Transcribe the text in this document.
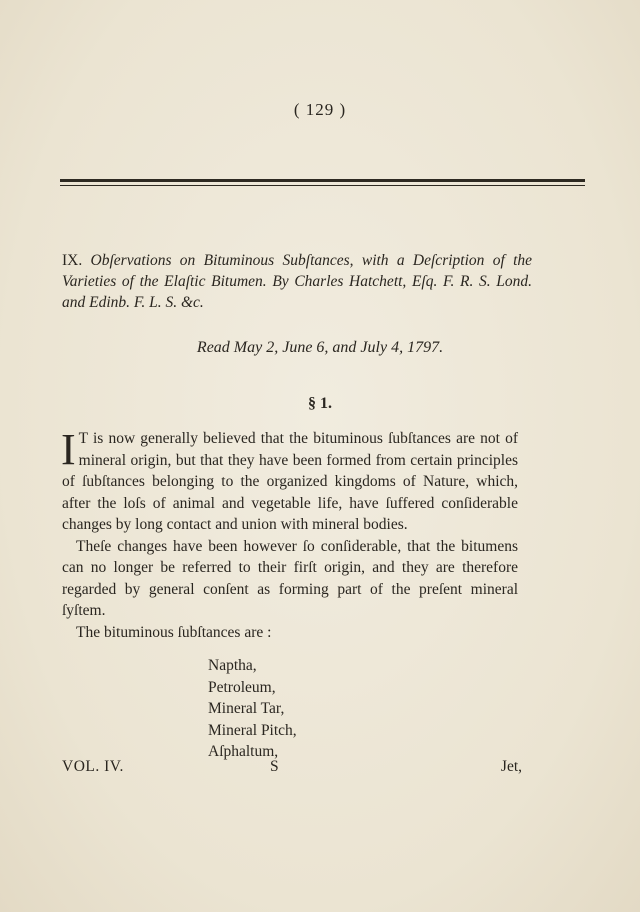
( 129 )
IX. Obſervations on Bituminous Subſtances, with a Deſcription of the Varieties of the Elaſtic Bitumen. By Charles Hatchett, Eſq. F. R. S. Lond. and Edinb. F. L. S. &c.
Read May 2, June 6, and July 4, 1797.
§ 1.

I T is now generally believed that the bituminous ſubſtances are not of mineral origin, but that they have been formed from certain principles of ſubſtances belonging to the organized kingdoms of Nature, which, after the loſs of animal and vegetable life, have ſuffered conſiderable changes by long contact and union with mineral bodies.

Theſe changes have been however ſo conſiderable, that the bitumens can no longer be referred to their firſt origin, and they are therefore regarded by general conſent as forming part of the preſent mineral ſyſtem.

The bituminous ſubſtances are :

Naptha,
Petroleum,
Mineral Tar,
Mineral Pitch,
Aſphaltum,
VOL. IV.	S	Jet,
